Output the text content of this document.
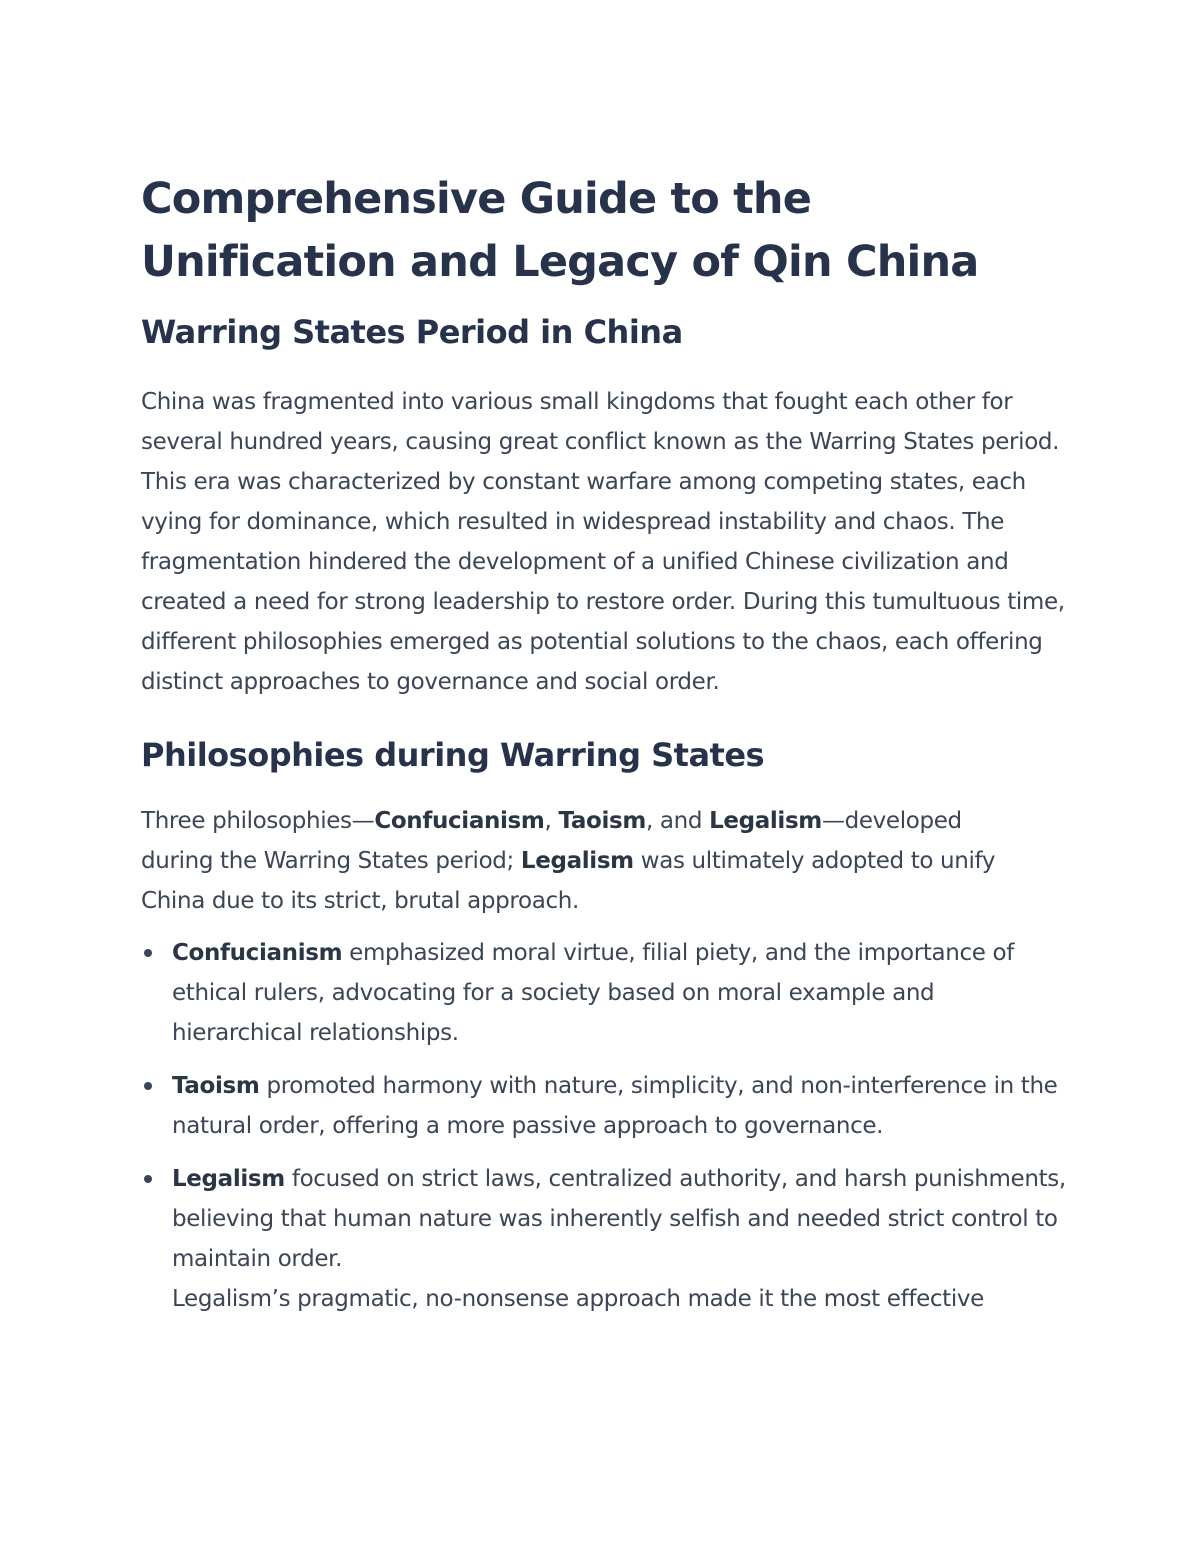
Comprehensive Guide to the Unification and Legacy of Qin China
Warring States Period in China

China was fragmented into various small kingdoms that fought each other for several hundred years, causing great conflict known as the Warring States period. This era was characterized by constant warfare among competing states, each vying for dominance, which resulted in widespread instability and chaos. The fragmentation hindered the development of a unified Chinese civilization and created a need for strong leadership to restore order. During this tumultuous time, different philosophies emerged as potential solutions to the chaos, each offering distinct approaches to governance and social order.

Philosophies during Warring States

Three philosophies—Confucianism, Taoism, and Legalism—developed during the Warring States period; Legalism was ultimately adopted to unify China due to its strict, brutal approach.

Confucianism emphasized moral virtue, filial piety, and the importance of ethical rulers, advocating for a society based on moral example and hierarchical relationships.
Taoism promoted harmony with nature, simplicity, and non-interference in the natural order, offering a more passive approach to governance.
Legalism focused on strict laws, centralized authority, and harsh punishments, believing that human nature was inherently selfish and needed strict control to maintain order.
Legalism’s pragmatic, no-nonsense approach made it the most effective
